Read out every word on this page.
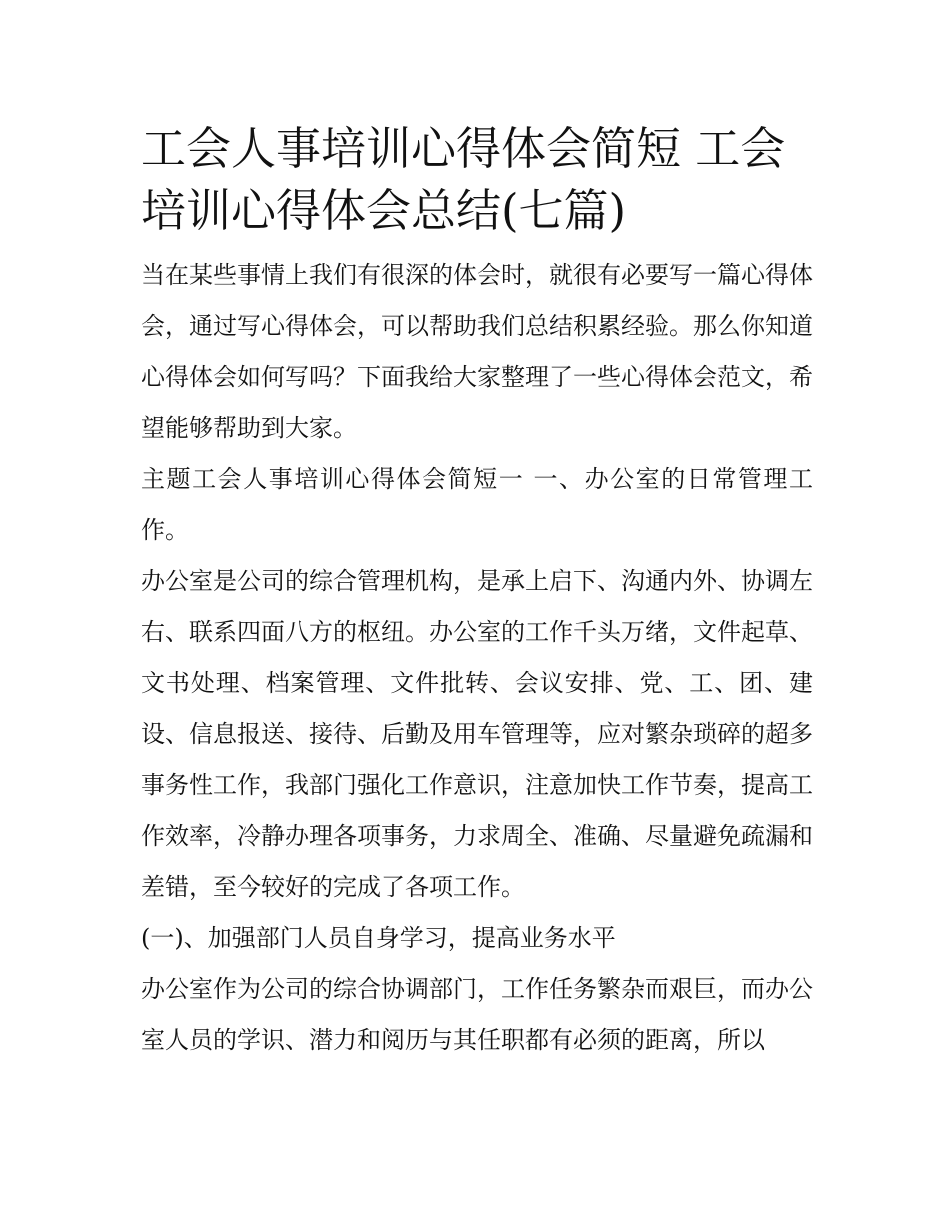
工会人事培训心得体会简短 工会培训心得体会总结(七篇)

当在某些事情上我们有很深的体会时，就很有必要写一篇心得体会，通过写心得体会，可以帮助我们总结积累经验。那么你知道心得体会如何写吗？下面我给大家整理了一些心得体会范文，希望能够帮助到大家。

主题工会人事培训心得体会简短一 一、办公室的日常管理工作。

办公室是公司的综合管理机构，是承上启下、沟通内外、协调左右、联系四面八方的枢纽。办公室的工作千头万绪，文件起草、文书处理、档案管理、文件批转、会议安排、党、工、团、建设、信息报送、接待、后勤及用车管理等，应对繁杂琐碎的超多事务性工作，我部门强化工作意识，注意加快工作节奏，提高工作效率，冷静办理各项事务，力求周全、准确、尽量避免疏漏和差错，至今较好的完成了各项工作。

(一)、加强部门人员自身学习，提高业务水平

办公室作为公司的综合协调部门，工作任务繁杂而艰巨，而办公室人员的学识、潜力和阅历与其任职都有必须的距离，所以
